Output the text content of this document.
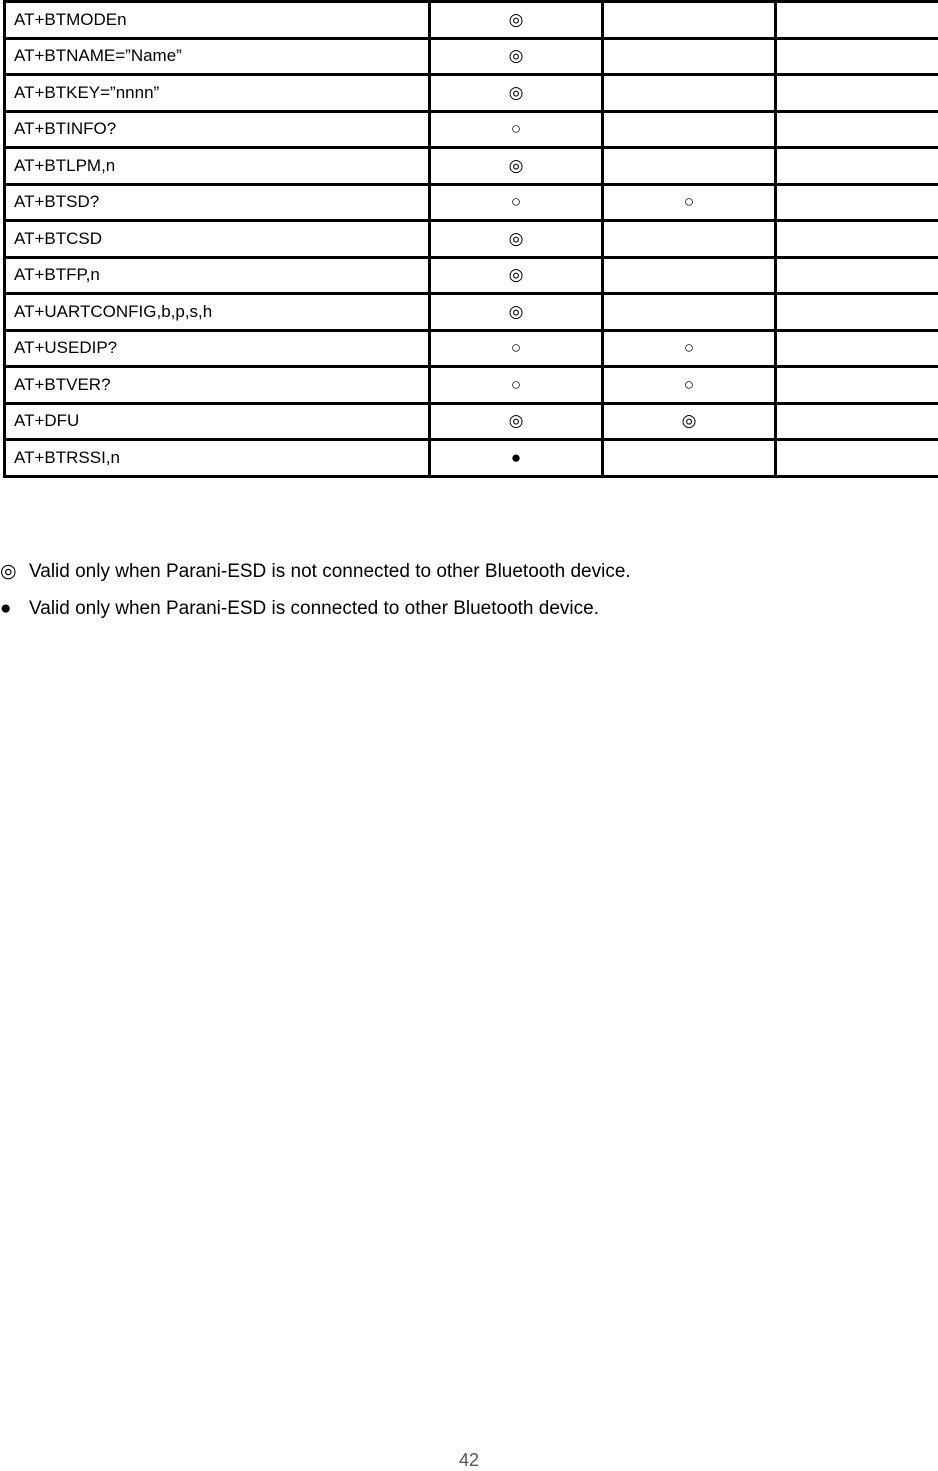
AT+BTMODEn	◎		
AT+BTNAME=”Name”	◎		
AT+BTKEY=”nnnn”	◎		
AT+BTINFO?	○		
AT+BTLPM,n	◎		
AT+BTSD?	○	○	
AT+BTCSD	◎		
AT+BTFP,n	◎		
AT+UARTCONFIG,b,p,s,h	◎		
AT+USEDIP?	○	○	
AT+BTVER?	○	○	
AT+DFU	◎	◎	
AT+BTRSSI,n	●		
◎ Valid only when Parani-ESD is not connected to other Bluetooth device.
● Valid only when Parani-ESD is connected to other Bluetooth device.
42
